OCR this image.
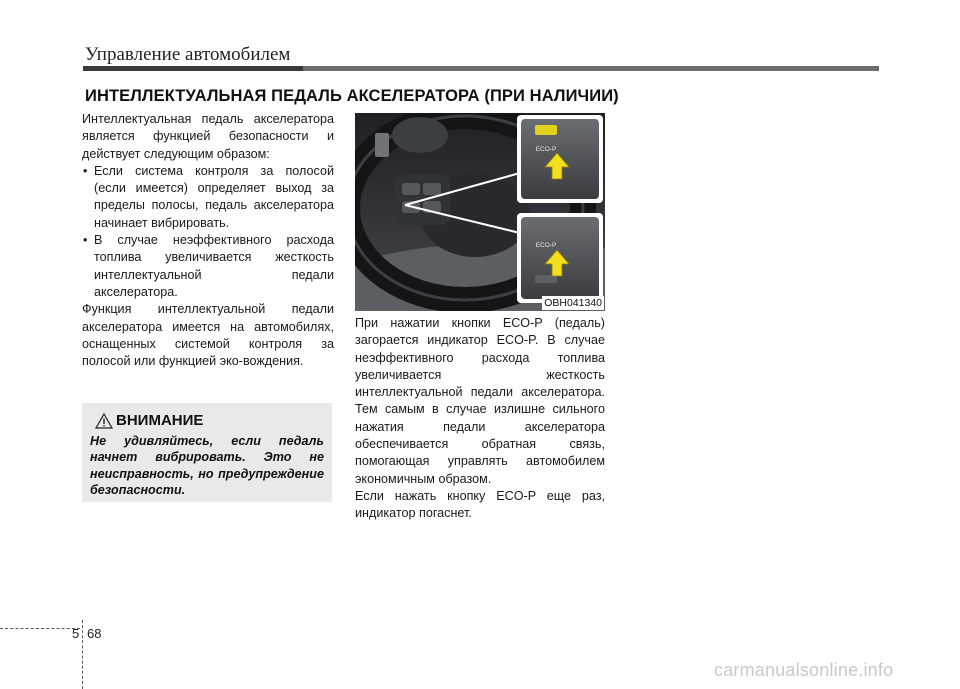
Управление автомобилем
ИНТЕЛЛЕКТУАЛЬНАЯ ПЕДАЛЬ АКСЕЛЕРАТОРА (ПРИ НАЛИЧИИ)

Интеллектуальная педаль акселератора является функцией безопасности и действует следующим образом:

• Если система контроля за полосой (если имеется) определяет выход за пределы полосы, педаль акселератора начинает вибрировать.
• В случае неэффективного расхода топлива увеличивается жесткость интеллектуальной педали акселератора.

Функция интеллектуальной педали акселератора имеется на автомобилях, оснащенных системой контроля за полосой или функцией эко-вождения.

ВНИМАНИЕ
Не удивляйтесь, если педаль начнет вибрировать. Это не неисправность, но предупреждение безопасности.
ECO-P
ECO-P
OBH041340

При нажатии кнопки ECO-P (педаль) загорается индикатор ECO-P. В случае неэффективного расхода топлива увеличивается жесткость интеллектуальной педали акселератора. Тем самым в случае излишне сильного нажатия педали акселератора обеспечивается обратная связь, помогающая управлять автомобилем экономичным образом.

Если нажать кнопку ECO-P еще раз, индикатор погаснет.

5 68
carmanualsonline.info
